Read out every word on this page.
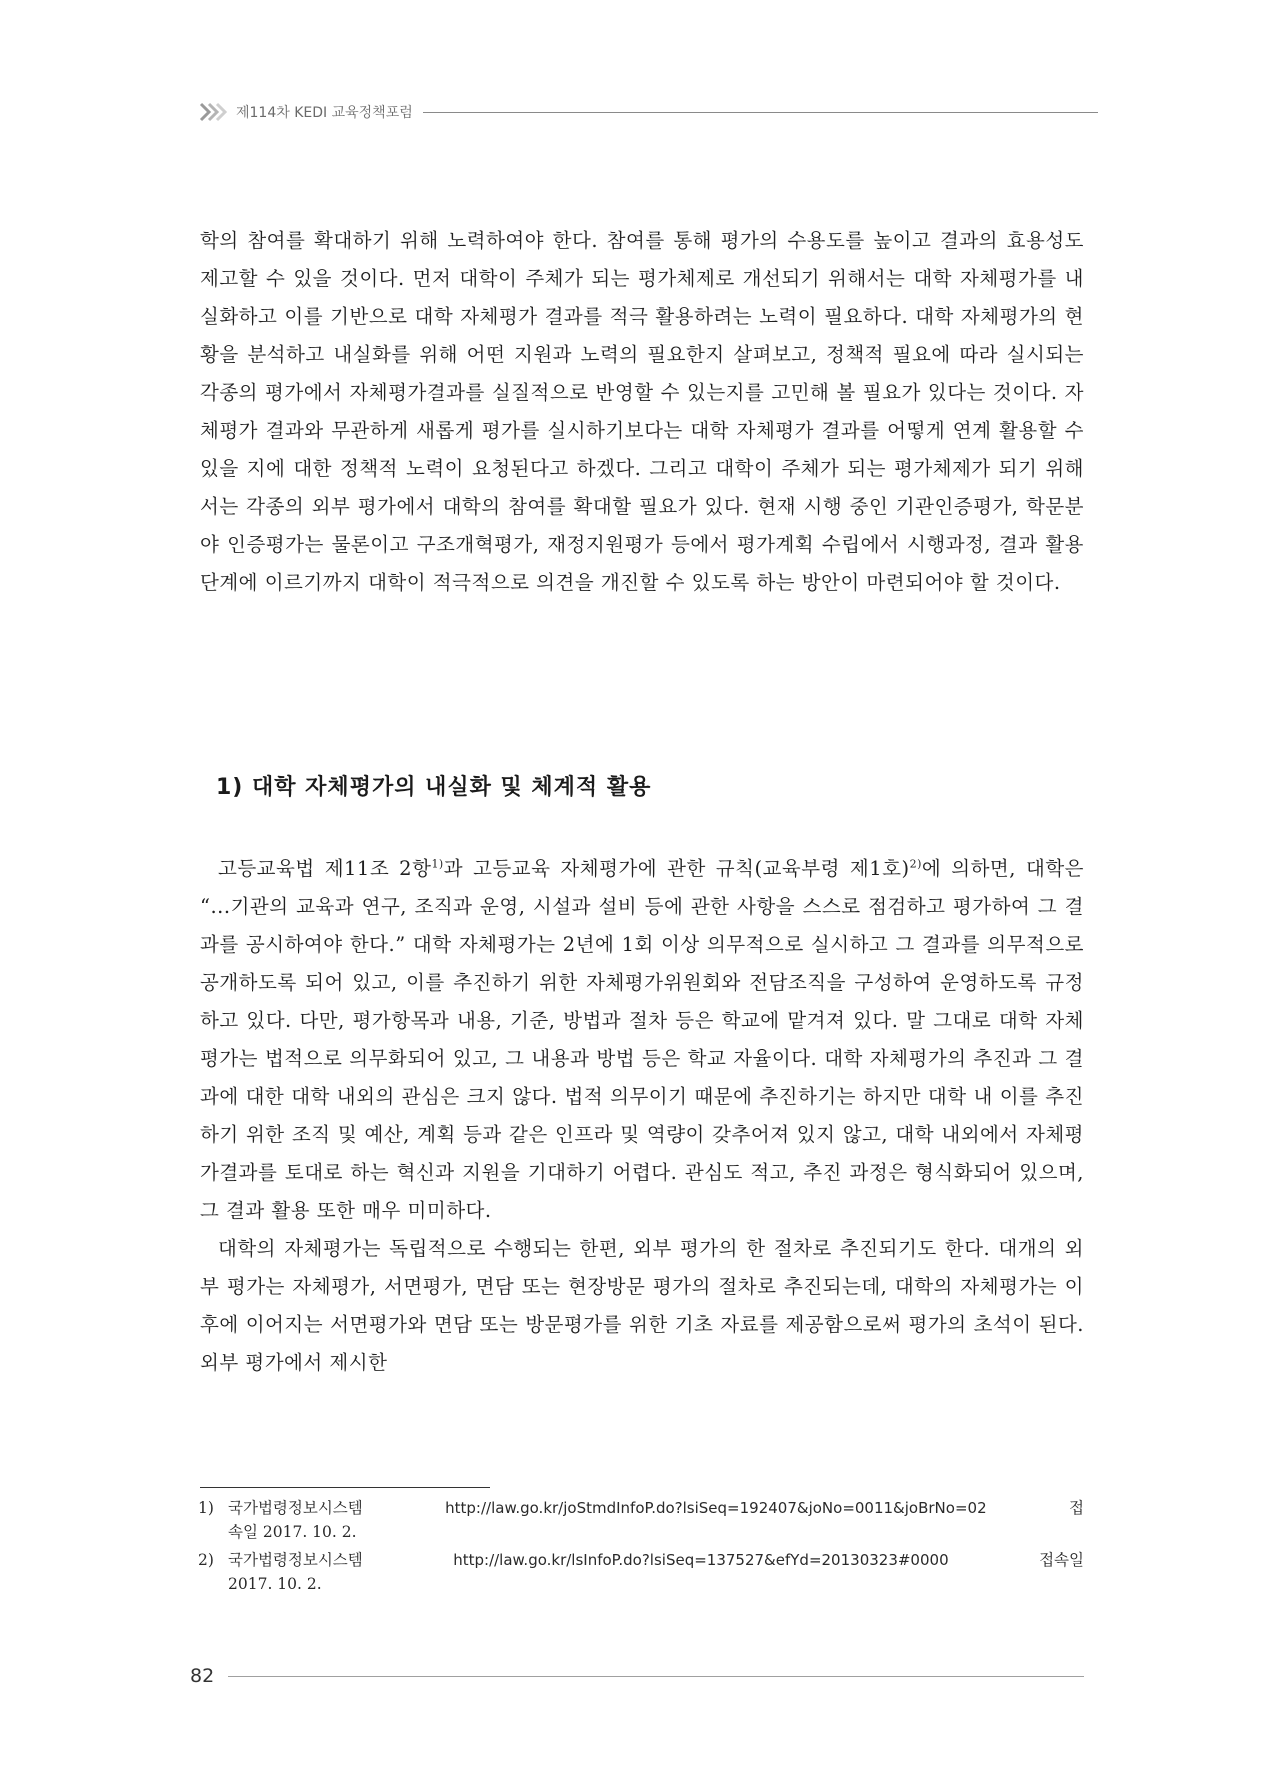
제114차 KEDI 교육정책포럼

학의 참여를 확대하기 위해 노력하여야 한다. 참여를 통해 평가의 수용도를 높이고 결과의 효용성도 제고할 수 있을 것이다. 먼저 대학이 주체가 되는 평가체제로 개선되기 위해서는 대학 자체평가를 내실화하고 이를 기반으로 대학 자체평가 결과를 적극 활용하려는 노력이 필요하다. 대학 자체평가의 현황을 분석하고 내실화를 위해 어떤 지원과 노력의 필요한지 살펴보고, 정책적 필요에 따라 실시되는 각종의 평가에서 자체평가결과를 실질적으로 반영할 수 있는지를 고민해 볼 필요가 있다는 것이다. 자체평가 결과와 무관하게 새롭게 평가를 실시하기보다는 대학 자체평가 결과를 어떻게 연계 활용할 수 있을 지에 대한 정책적 노력이 요청된다고 하겠다. 그리고 대학이 주체가 되는 평가체제가 되기 위해서는 각종의 외부 평가에서 대학의 참여를 확대할 필요가 있다. 현재 시행 중인 기관인증평가, 학문분야 인증평가는 물론이고 구조개혁평가, 재정지원평가 등에서 평가계획 수립에서 시행과정, 결과 활용 단계에 이르기까지 대학이 적극적으로 의견을 개진할 수 있도록 하는 방안이 마련되어야 할 것이다.

1) 대학 자체평가의 내실화 및 체계적 활용

고등교육법 제11조 2항$^{1)}$과 고등교육 자체평가에 관한 규칙(교육부령 제1호)$^{2)}$에 의하면, 대학은 “...기관의 교육과 연구, 조직과 운영, 시설과 설비 등에 관한 사항을 스스로 점검하고 평가하여 그 결과를 공시하여야 한다.” 대학 자체평가는 2년에 1회 이상 의무적으로 실시하고 그 결과를 의무적으로 공개하도록 되어 있고, 이를 추진하기 위한 자체평가위원회와 전담조직을 구성하여 운영하도록 규정하고 있다. 다만, 평가항목과 내용, 기준, 방법과 절차 등은 학교에 맡겨져 있다. 말 그대로 대학 자체평가는 법적으로 의무화되어 있고, 그 내용과 방법 등은 학교 자율이다. 대학 자체평가의 추진과 그 결과에 대한 대학 내외의 관심은 크지 않다. 법적 의무이기 때문에 추진하기는 하지만 대학 내 이를 추진하기 위한 조직 및 예산, 계획 등과 같은 인프라 및 역량이 갖추어져 있지 않고, 대학 내외에서 자체평가결과를 토대로 하는 혁신과 지원을 기대하기 어렵다. 관심도 적고, 추진 과정은 형식화되어 있으며, 그 결과 활용 또한 매우 미미하다.

대학의 자체평가는 독립적으로 수행되는 한편, 외부 평가의 한 절차로 추진되기도 한다. 대개의 외부 평가는 자체평가, 서면평가, 면담 또는 현장방문 평가의 절차로 추진되는데, 대학의 자체평가는 이후에 이어지는 서면평가와 면담 또는 방문평가를 위한 기초 자료를 제공함으로써 평가의 초석이 된다. 외부 평가에서 제시한

1) 국가법령정보시스템	http://law.go.kr/joStmdInfoP.do?lsiSeq=192407&joNo=0011&joBrNo=02	접
속일 2017. 10. 2.
2) 국가법령정보시스템	http://law.go.kr/lsInfoP.do?lsiSeq=137527&efYd=20130323#0000	접속일
2017. 10. 2.
82
